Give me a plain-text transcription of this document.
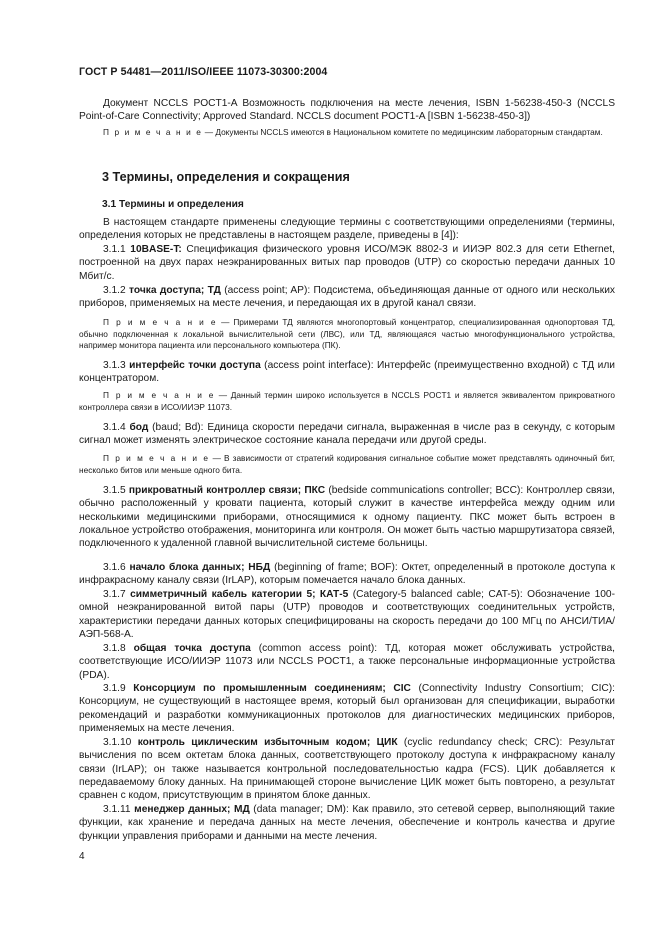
ГОСТ Р 54481—2011/ISO/IEEE 11073-30300:2004
Документ NCCLS POCT1-A Возможность подключения на месте лечения, ISBN 1-56238-450-3 (NCCLS Point-of-Care Connectivity; Approved Standard. NCCLS document POCT1-A [ISBN 1-56238-450-3])
П р и м е ч а н и е — Документы NCCLS имеются в Национальном комитете по медицинским лабораторным стандартам.
3 Термины, определения и сокращения
3.1 Термины и определения
В настоящем стандарте применены следующие термины с соответствующими определениями (термины, определения которых не представлены в настоящем разделе, приведены в [4]):
3.1.1 10BASE-T: Спецификация физического уровня ИСО/МЭК 8802-3 и ИИЭР 802.3 для сети Ethernet, построенной на двух парах неэкранированных витых пар проводов (UTP) со скоростью передачи данных 10 Мбит/с.
3.1.2 точка доступа; ТД (access point; AP): Подсистема, объединяющая данные от одного или нескольких приборов, применяемых на месте лечения, и передающая их в другой канал связи.
П р и м е ч а н и е — Примерами ТД являются многопортовый концентратор, специализированная однопортовая ТД, обычно подключенная к локальной вычислительной сети (ЛВС), или ТД, являющаяся частью многофункционального устройства, например монитора пациента или персонального компьютера (ПК).
3.1.3 интерфейс точки доступа (access point interface): Интерфейс (преимущественно входной) с ТД или концентратором.
П р и м е ч а н и е — Данный термин широко используется в NCCLS POCT1 и является эквивалентом прикроватного контроллера связи в ИСО/ИИЭР 11073.
3.1.4 бод (baud; Bd): Единица скорости передачи сигнала, выраженная в числе раз в секунду, с которым сигнал может изменять электрическое состояние канала передачи или другой среды.
П р и м е ч а н и е — В зависимости от стратегий кодирования сигнальное событие может представлять одиночный бит, несколько битов или меньше одного бита.
3.1.5 прикроватный контроллер связи; ПКС (bedside communications controller; BCC): Контроллер связи, обычно расположенный у кровати пациента, который служит в качестве интерфейса между одним или несколькими медицинскими приборами, относящимися к одному пациенту. ПКС может быть встроен в локальное устройство отображения, мониторинга или контроля. Он может быть частью маршрутизатора связей, подключенного к удаленной главной вычислительной системе больницы.
3.1.6 начало блока данных; НБД (beginning of frame; BOF): Октет, определенный в протоколе доступа к инфракрасному каналу связи (IrLAP), которым помечается начало блока данных.
3.1.7 симметричный кабель категории 5; КАТ-5 (Category-5 balanced cable; CAT-5): Обозначение 100-омной неэкранированной витой пары (UTP) проводов и соответствующих соединительных устройств, характеристики передачи данных которых специфицированы на скорость передачи до 100 МГц по АНСИ/ТИА/АЭП-568-А.
3.1.8 общая точка доступа (common access point): ТД, которая может обслуживать устройства, соответствующие ИСО/ИИЭР 11073 или NCCLS POCT1, а также персональные информационные устройства (PDA).
3.1.9 Консорциум по промышленным соединениям; CIC (Connectivity Industry Consortium; CIC): Консорциум, не существующий в настоящее время, который был организован для спецификации, выработки рекомендаций и разработки коммуникационных протоколов для диагностических медицинских приборов, применяемых на месте лечения.
3.1.10 контроль циклическим избыточным кодом; ЦИК (cyclic redundancy check; CRC): Результат вычисления по всем октетам блока данных, соответствующего протоколу доступа к инфракрасному каналу связи (IrLAP); он также называется контрольной последовательностью кадра (FCS). ЦИК добавляется к передаваемому блоку данных. На принимающей стороне вычисление ЦИК может быть повторено, а результат сравнен с кодом, присутствующим в принятом блоке данных.
3.1.11 менеджер данных; МД (data manager; DM): Как правило, это сетевой сервер, выполняющий такие функции, как хранение и передача данных на месте лечения, обеспечение и контроль качества и другие функции управления приборами и данными на месте лечения.
4
